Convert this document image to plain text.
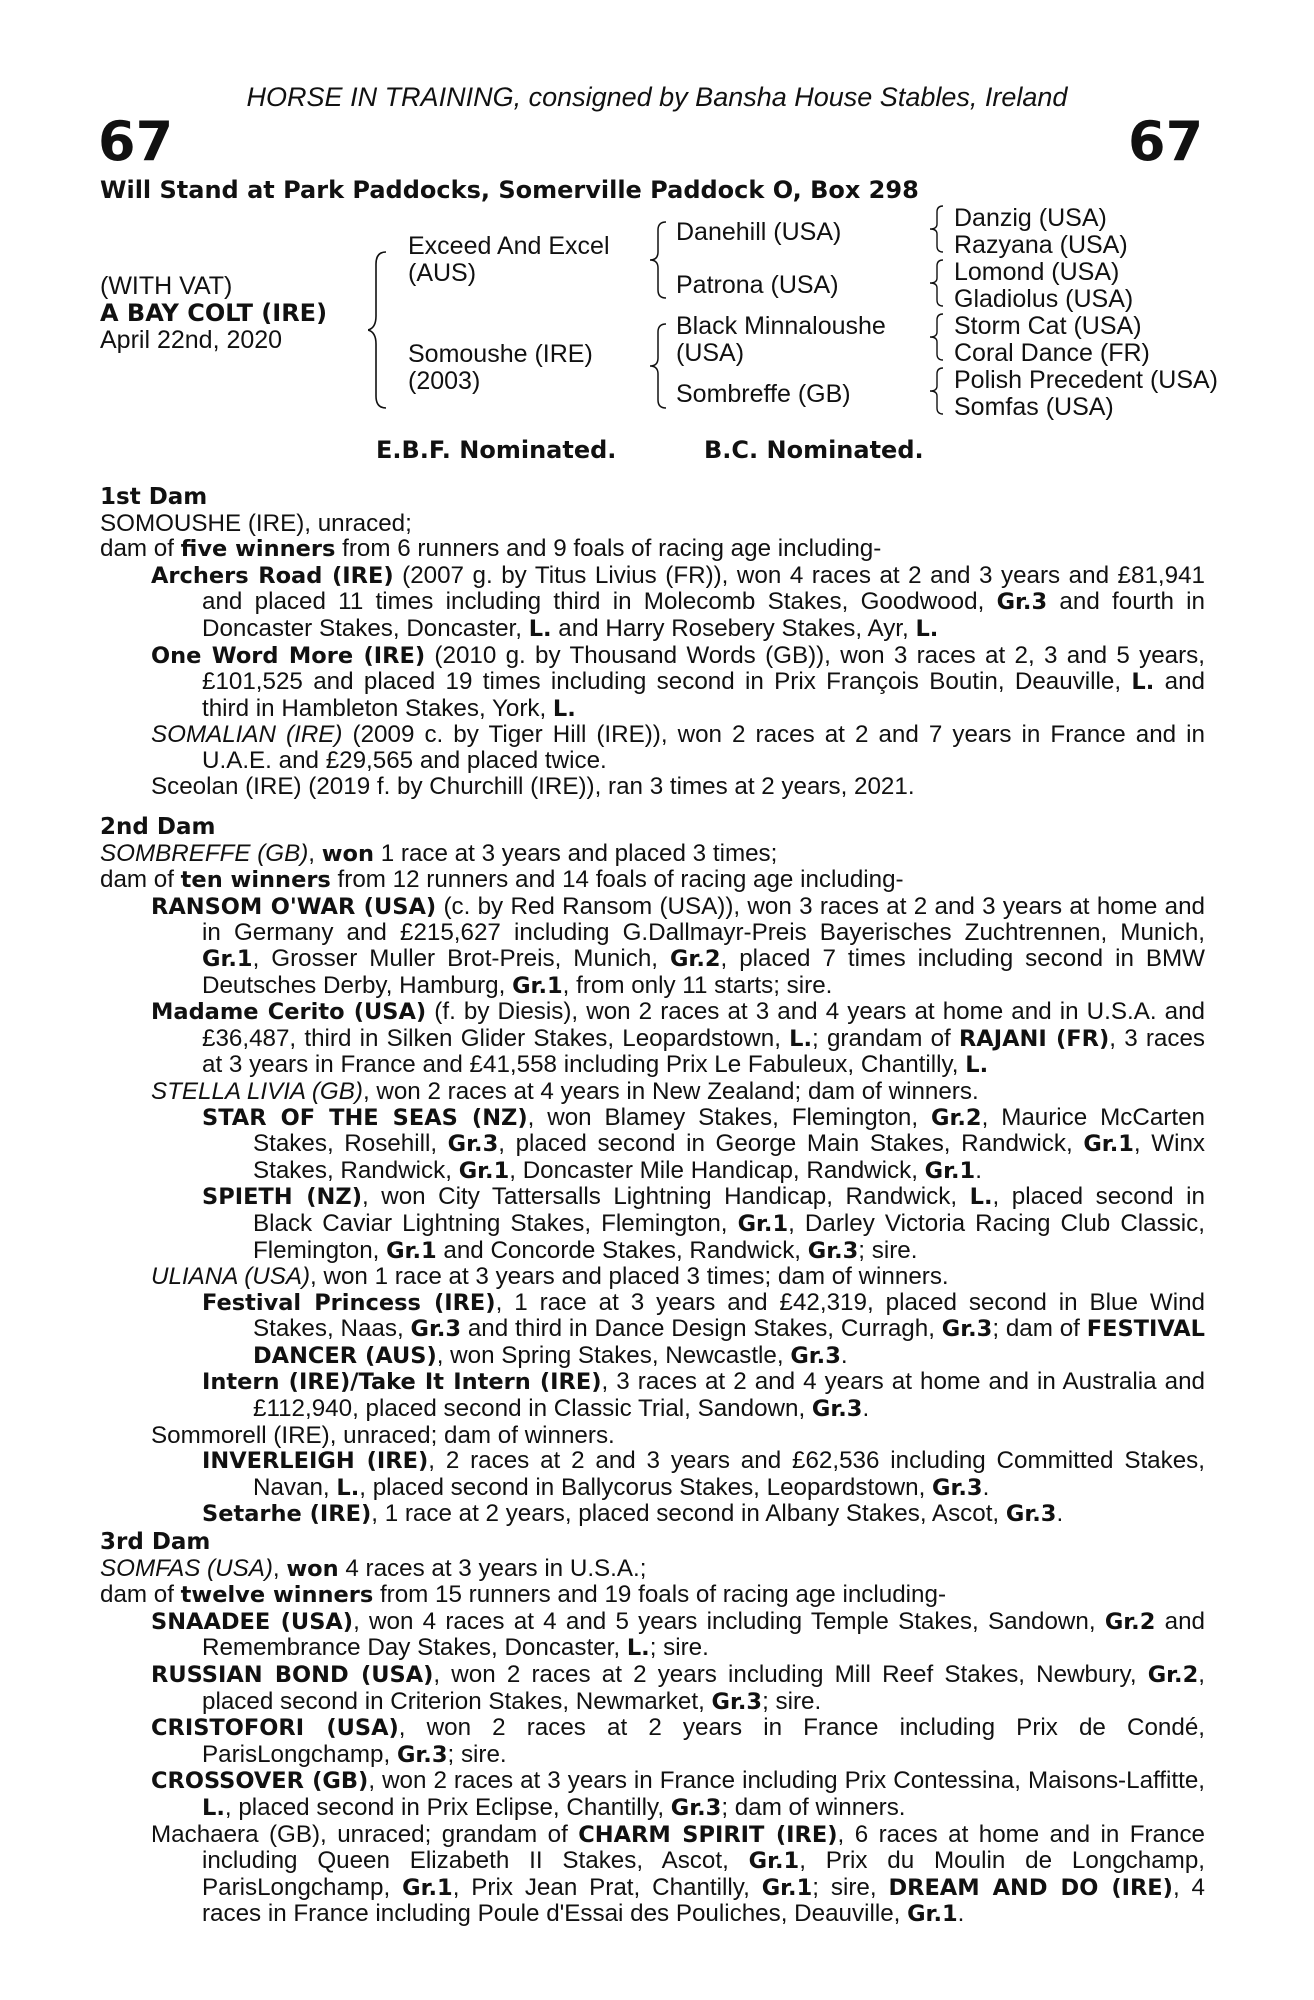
HORSE IN TRAINING, consigned by Bansha House Stables, Ireland
67	67
Will Stand at Park Paddocks, Somerville Paddock O, Box 298
(WITH VAT)
A BAY COLT (IRE)
April 22nd, 2020
Exceed And Excel
(AUS)
Somoushe (IRE)
(2003)
Danehill (USA)
Patrona (USA)
Black Minnaloushe
(USA)
Sombreffe (GB)
Danzig (USA)
Razyana (USA)
Lomond (USA)
Gladiolus (USA)
Storm Cat (USA)
Coral Dance (FR)
Polish Precedent (USA)
Somfas (USA)
E.B.F. Nominated.	B.C. Nominated.
1st Dam

SOMOUSHE (IRE), unraced;

dam of five winners from 6 runners and 9 foals of racing age including-

Archers Road (IRE) (2007 g. by Titus Livius (FR)), won 4 races at 2 and 3 years and £81,941 and placed 11 times including third in Molecomb Stakes, Goodwood, Gr.3 and fourth in Doncaster Stakes, Doncaster, L. and Harry Rosebery Stakes, Ayr, L.

One Word More (IRE) (2010 g. by Thousand Words (GB)), won 3 races at 2, 3 and 5 years, £101,525 and placed 19 times including second in Prix François Boutin, Deauville, L. and third in Hambleton Stakes, York, L.

SOMALIAN (IRE) (2009 c. by Tiger Hill (IRE)), won 2 races at 2 and 7 years in France and in U.A.E. and £29,565 and placed twice.

Sceolan (IRE) (2019 f. by Churchill (IRE)), ran 3 times at 2 years, 2021.

2nd Dam

SOMBREFFE (GB), won 1 race at 3 years and placed 3 times;

dam of ten winners from 12 runners and 14 foals of racing age including-

RANSOM O'WAR (USA) (c. by Red Ransom (USA)), won 3 races at 2 and 3 years at home and in Germany and £215,627 including G.Dallmayr-Preis Bayerisches Zuchtrennen, Munich, Gr.1, Grosser Muller Brot-Preis, Munich, Gr.2, placed 7 times including second in BMW Deutsches Derby, Hamburg, Gr.1, from only 11 starts; sire.

Madame Cerito (USA) (f. by Diesis), won 2 races at 3 and 4 years at home and in U.S.A. and £36,487, third in Silken Glider Stakes, Leopardstown, L.; grandam of RAJANI (FR), 3 races at 3 years in France and £41,558 including Prix Le Fabuleux, Chantilly, L.

STELLA LIVIA (GB), won 2 races at 4 years in New Zealand; dam of winners.

STAR OF THE SEAS (NZ), won Blamey Stakes, Flemington, Gr.2, Maurice McCarten Stakes, Rosehill, Gr.3, placed second in George Main Stakes, Randwick, Gr.1, Winx Stakes, Randwick, Gr.1, Doncaster Mile Handicap, Randwick, Gr.1.

SPIETH (NZ), won City Tattersalls Lightning Handicap, Randwick, L., placed second in Black Caviar Lightning Stakes, Flemington, Gr.1, Darley Victoria Racing Club Classic, Flemington, Gr.1 and Concorde Stakes, Randwick, Gr.3; sire.

ULIANA (USA), won 1 race at 3 years and placed 3 times; dam of winners.

Festival Princess (IRE), 1 race at 3 years and £42,319, placed second in Blue Wind Stakes, Naas, Gr.3 and third in Dance Design Stakes, Curragh, Gr.3; dam of FESTIVAL DANCER (AUS), won Spring Stakes, Newcastle, Gr.3.

Intern (IRE)/Take It Intern (IRE), 3 races at 2 and 4 years at home and in Australia and £112,940, placed second in Classic Trial, Sandown, Gr.3.

Sommorell (IRE), unraced; dam of winners.

INVERLEIGH (IRE), 2 races at 2 and 3 years and £62,536 including Committed Stakes, Navan, L., placed second in Ballycorus Stakes, Leopardstown, Gr.3.

Setarhe (IRE), 1 race at 2 years, placed second in Albany Stakes, Ascot, Gr.3.

3rd Dam

SOMFAS (USA), won 4 races at 3 years in U.S.A.;

dam of twelve winners from 15 runners and 19 foals of racing age including-

SNAADEE (USA), won 4 races at 4 and 5 years including Temple Stakes, Sandown, Gr.2 and Remembrance Day Stakes, Doncaster, L.; sire.

RUSSIAN BOND (USA), won 2 races at 2 years including Mill Reef Stakes, Newbury, Gr.2, placed second in Criterion Stakes, Newmarket, Gr.3; sire.

CRISTOFORI (USA), won 2 races at 2 years in France including Prix de Condé, ParisLongchamp, Gr.3; sire.

CROSSOVER (GB), won 2 races at 3 years in France including Prix Contessina, Maisons-Laffitte, L., placed second in Prix Eclipse, Chantilly, Gr.3; dam of winners.

Machaera (GB), unraced; grandam of CHARM SPIRIT (IRE), 6 races at home and in France including Queen Elizabeth II Stakes, Ascot, Gr.1, Prix du Moulin de Longchamp, ParisLongchamp, Gr.1, Prix Jean Prat, Chantilly, Gr.1; sire, DREAM AND DO (IRE), 4 races in France including Poule d'Essai des Pouliches, Deauville, Gr.1.
